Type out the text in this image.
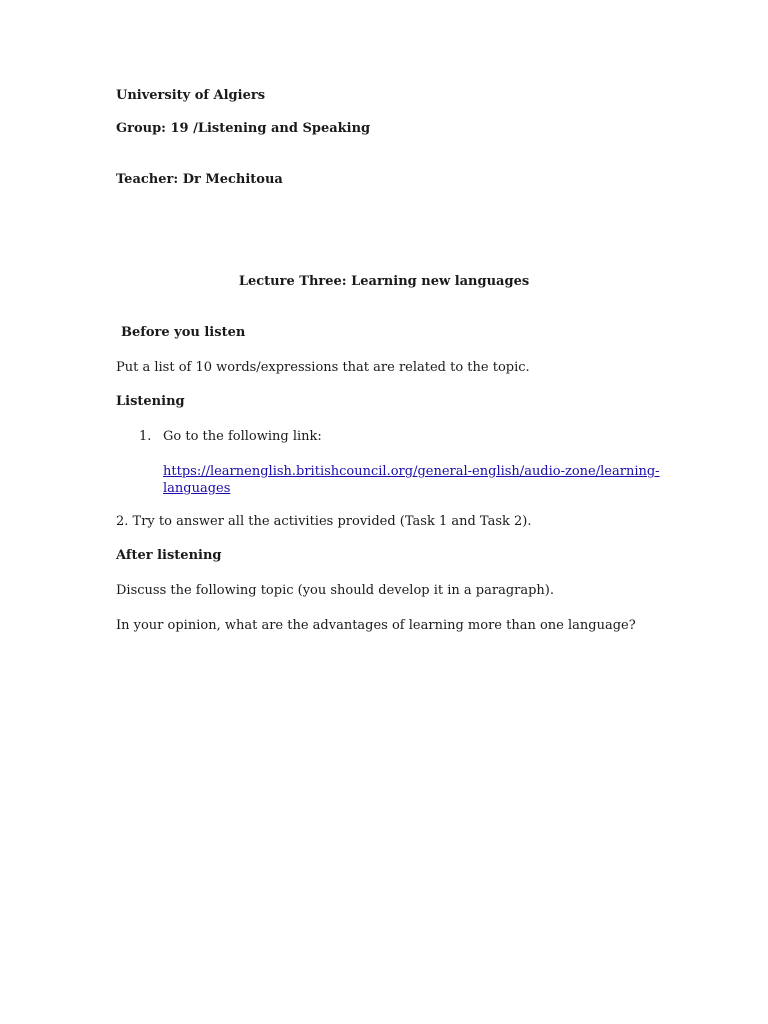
University of Algiers
Group: 19 /Listening and Speaking
Teacher: Dr Mechitoua
Lecture Three: Learning new languages
Before you listen
Put a list of 10 words/expressions that are related to the topic.
Listening
1. Go to the following link:
https://learnenglish.britishcouncil.org/general-english/audio-zone/learning-
languages
2. Try to answer all the activities provided (Task 1 and Task 2).
After listening
Discuss the following topic (you should develop it in a paragraph).
In your opinion, what are the advantages of learning more than one language?
